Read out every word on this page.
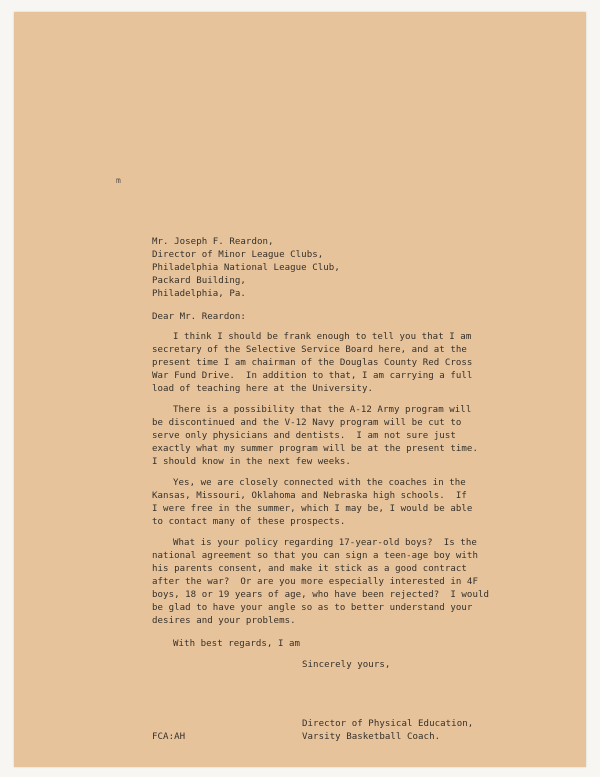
m
Mr. Joseph F. Reardon,
Director of Minor League Clubs,
Philadelphia National League Club,
Packard Building,
Philadelphia, Pa.
Dear Mr. Reardon:
I think I should be frank enough to tell you that I am
secretary of the Selective Service Board here, and at the
present time I am chairman of the Douglas County Red Cross
War Fund Drive.  In addition to that, I am carrying a full
load of teaching here at the University.
There is a possibility that the A-12 Army program will
be discontinued and the V-12 Navy program will be cut to
serve only physicians and dentists.  I am not sure just
exactly what my summer program will be at the present time.
I should know in the next few weeks.
Yes, we are closely connected with the coaches in the
Kansas, Missouri, Oklahoma and Nebraska high schools.  If
I were free in the summer, which I may be, I would be able
to contact many of these prospects.
What is your policy regarding 17-year-old boys?  Is the
national agreement so that you can sign a teen-age boy with
his parents consent, and make it stick as a good contract
after the war?  Or are you more especially interested in 4F
boys, 18 or 19 years of age, who have been rejected?  I would
be glad to have your angle so as to better understand your
desires and your problems.
With best regards, I am
Sincerely yours,
Director of Physical Education,
Varsity Basketball Coach.
FCA:AH
